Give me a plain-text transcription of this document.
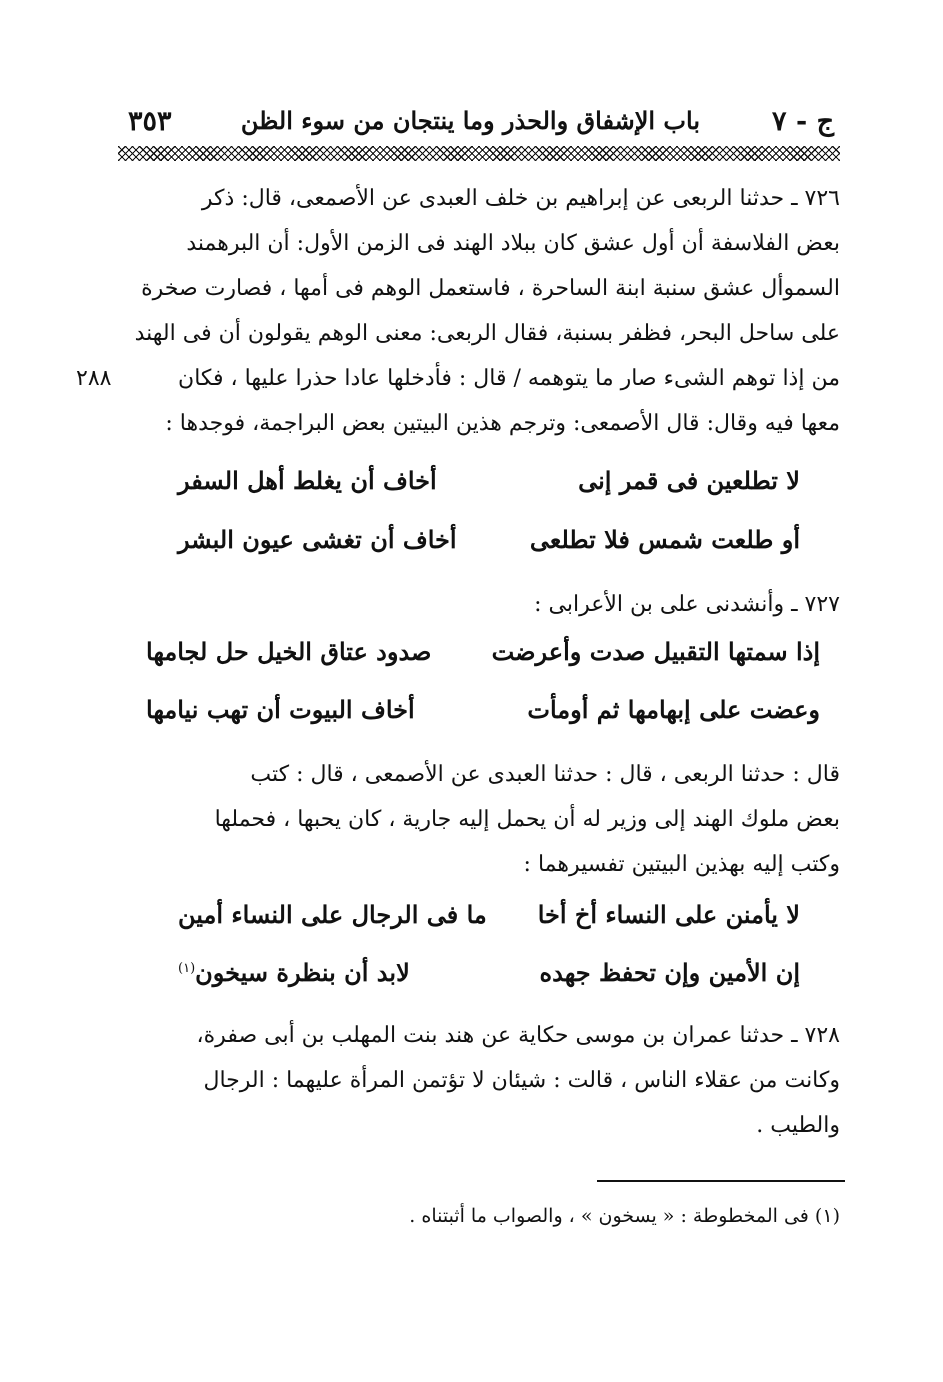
ج - ٧
باب الإشفاق والحذر وما ينتجان من سوء الظن
٣٥٣
٧٢٦ ـ حدثنا الربعى عن إبراهيم بن خلف العبدى عن الأصمعى، قال: ذكر
بعض الفلاسفة أن أول عشق كان ببلاد الهند فى الزمن الأول: أن البرهمند
السموأل عشق سنبة ابنة الساحرة ، فاستعمل الوهم فى أمها ، فصارت صخرة
على ساحل البحر، فظفر بسنبة، فقال الربعى: معنى الوهم يقولون أن فى الهند
من إذا توهم الشىء صار ما يتوهمه / قال : فأدخلها عادا حذرا عليها ، فكان
٢٨٨
معها فيه وقال: قال الأصمعى: وترجم هذين البيتين بعض البراجمة، فوجدها :
لا تطلعين فى قمر إنى
أخاف أن يغلط أهل السفر
أو طلعت شمس فلا تطلعى
أخاف أن تغشى عيون البشر
٧٢٧ ـ وأنشدنى على بن الأعرابى :
إذا سمتها التقبيل صدت وأعرضت
صدود عتاق الخيل حل لجامها
وعضت على إبهامها ثم أومأت
أخاف البيوت أن تهب نيامها
قال : حدثنا الربعى ، قال : حدثنا العبدى عن الأصمعى ، قال : كتب
بعض ملوك الهند إلى وزير له أن يحمل إليه جارية ، كان يحبها ، فحملها
وكتب إليه بهذين البيتين تفسيرهما :
لا يأمنن على النساء أخ أخا
ما فى الرجال على النساء أمين
إن الأمين وإن تحفظ جهده
لابد أن بنظرة سيخون$^{(١)}$
٧٢٨ ـ حدثنا عمران بن موسى حكاية عن هند بنت المهلب بن أبى صفرة،
وكانت من عقلاء الناس ، قالت : شيئان لا تؤتمن المرأة عليهما : الرجال
والطيب .
(١) فى المخطوطة : « يسخون » ، والصواب ما أثبتناه .
